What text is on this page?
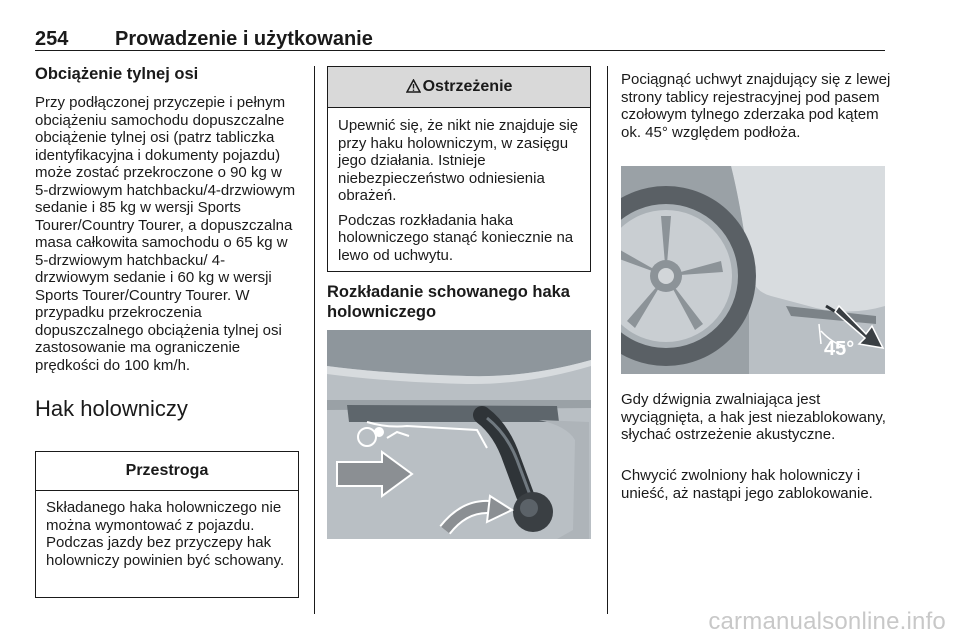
254 Prowadzenie i użytkowanie
Obciążenie tylnej osi
Przy podłączonej przyczepie i pełnym obciążeniu samochodu dopuszczalne obciążenie tylnej osi (patrz tabliczka identyfikacyjna i dokumenty pojazdu) może zostać przekroczone o 90 kg w 5-drzwiowym hatchbacku/4-drzwiowym sedanie i 85 kg w wersji Sports Tourer/Country Tourer, a dopuszczalna masa całkowita samochodu o 65 kg w 5-drzwiowym hatchbacku/ 4-drzwiowym sedanie i 60 kg w wersji Sports Tourer/Country Tourer. W przypadku przekroczenia dopuszczalnego obciążenia tylnej osi zastosowanie ma ograniczenie prędkości do 100 km/h.
Hak holowniczy
Przestroga
Składanego haka holowniczego nie można wymontować z pojazdu. Podczas jazdy bez przyczepy hak holowniczy powinien być schowany.
Ostrzeżenie
Upewnić się, że nikt nie znajduje się przy haku holowniczym, w zasięgu jego działania. Istnieje niebezpieczeństwo odniesienia obrażeń.
Podczas rozkładania haka holowniczego stanąć koniecznie na lewo od uchwytu.
Rozkładanie schowanego haka holowniczego
Pociągnąć uchwyt znajdujący się z lewej strony tablicy rejestracyjnej pod pasem czołowym tylnego zderzaka pod kątem ok. 45° względem podłoża.
45°
Gdy dźwignia zwalniająca jest wyciągnięta, a hak jest niezablokowany, słychać ostrzeżenie akustyczne.
Chwycić zwolniony hak holowniczy i unieść, aż nastąpi jego zablokowanie.
carmanualsonline.info
